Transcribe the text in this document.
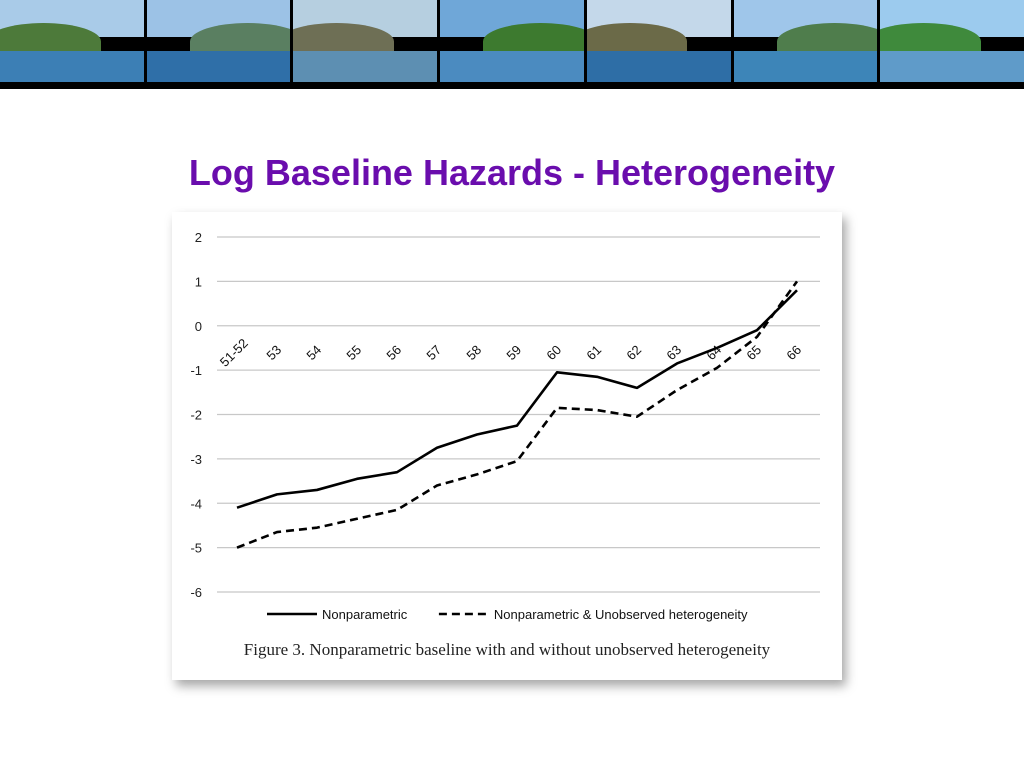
Log Baseline Hazards - Heterogeneity
2
1
0
-1
-2
-3
-4
-5
-6
51-52 53 54 55 56 57 58 59 60 61 62 63 64 65 66
Nonparametric	Nonparametric & Unobserved heterogeneity

Figure 3. Nonparametric baseline with and without unobserved heterogeneity
